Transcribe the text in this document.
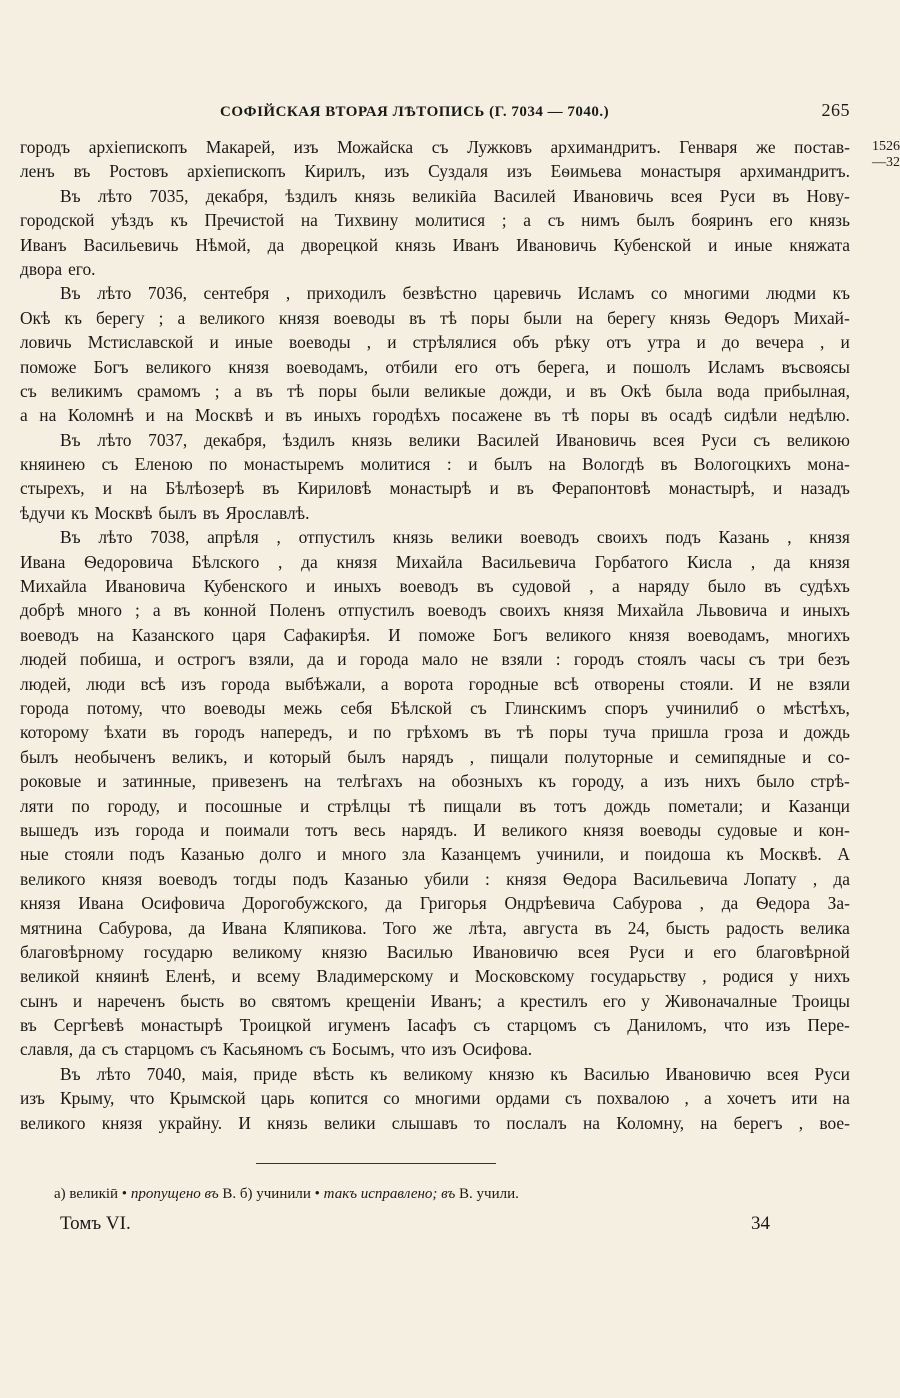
СОФІЙСКАЯ ВТОРАЯ ЛѢТОПИСЬ (Г. 7034 — 7040.)	265
1526
—32
городъ архіепископъ Макарей, изъ Можайска съ Лужковъ архимандритъ. Генваря же постав-
ленъ въ Ростовъ архіепископъ Кирилъ, изъ Суздаля изъ Еѳимьева монастыря архимандритъ.
Въ лѣто 7035, декабря, ѣздилъ князь великіӣа Василей Ивановичь всея Руси въ Нову-
городской уѣздъ къ Пречистой на Тихвину молитися ; а съ нимъ былъ бояринъ его князь
Иванъ Васильевичь Нѣмой, да дворецкой князь Иванъ Ивановичь Кубенской и иные княжата
двора его.
Въ лѣто 7036, сентебря , приходилъ безвѣстно царевичь Исламъ со многими людми къ
Окѣ къ берегу ; а великого князя воеводы въ тѣ поры были на берегу князь Ѳедоръ Михай-
ловичь Мстиславской и иные воеводы , и стрѣлялися объ рѣку отъ утра и до вечера , и
поможе Богъ великого князя воеводамъ, отбили его отъ берега, и пошолъ Исламъ въсвоясы
съ великимъ срамомъ ; а въ тѣ поры были великые дожди, и въ Окѣ была вода прибылная,
а на Коломнѣ и на Москвѣ и въ иныхъ городѣхъ посажене въ тѣ поры въ осадѣ сидѣли недѣлю.
Въ лѣто 7037, декабря, ѣздилъ князь велики Василей Ивановичь всея Руси съ великою
княинею съ Еленою по монастыремъ молитися : и былъ на Вологдѣ въ Вологоцкихъ мона-
стырехъ, и на Бѣлѣозерѣ въ Кириловѣ монастырѣ и въ Ферапонтовѣ монастырѣ, и назадъ
ѣдучи къ Москвѣ былъ въ Ярославлѣ.
Въ лѣто 7038, апрѣля , отпустилъ князь велики воеводъ своихъ подъ Казань , князя
Ивана Ѳедоровича Бѣлского , да князя Михайла Васильевича Горбатого Кисла , да князя
Михайла Ивановича Кубенского и иныхъ воеводъ въ судовой , а наряду было въ судѣхъ
добрѣ много ; а въ конной Поленъ отпустилъ воеводъ своихъ князя Михайла Львовича и иныхъ
воеводъ на Казанского царя Сафакирѣя. И поможе Богъ великого князя воеводамъ, многихъ
людей побиша, и острогъ взяли, да и города мало не взяли : городъ стоялъ часы съ три безъ
людей, люди всѣ изъ города выбѣжали, а ворота городные всѣ отворены стояли. И не взяли
города потому, что воеводы межь себя Бѣлской съ Глинскимъ споръ учинилиб о мѣстѣхъ,
которому ѣхати въ городъ напередъ, и по грѣхомъ въ тѣ поры туча пришла гроза и дождь
былъ необыченъ великъ, и который былъ нарядъ , пищали полуторные и семипядные и со-
роковые и затинные, привезенъ на телѣгахъ на обозныхъ къ городу, а изъ нихъ было стрѣ-
ляти по городу, и посошные и стрѣлцы тѣ пищали въ тотъ дождь пометали; и Казанци
вышедъ изъ города и поимали тотъ весь нарядъ. И великого князя воеводы судовые и кон-
ные стояли подъ Казанью долго и много зла Казанцемъ учинили, и поидоша къ Москвѣ. А
великого князя воеводъ тогды подъ Казанью убили : князя Ѳедора Васильевича Лопату , да
князя Ивана Осифовича Дорогобужского, да Григорья Ондрѣевича Сабурова , да Ѳедора За-
мятнина Сабурова, да Ивана Кляпикова. Того же лѣта, августа въ 24, бысть радость велика
благовѣрному государю великому князю Василью Ивановичю всея Руси и его благовѣрной
великой княинѣ Еленѣ, и всему Владимерскому и Московскому государьству , родися у нихъ
сынъ и нареченъ бысть во святомъ крещеніи Иванъ; а крестилъ его у Живоначалные Троицы
въ Сергѣевѣ монастырѣ Троицкой игуменъ Іасафъ съ старцомъ съ Даниломъ, что изъ Пере-
славля, да съ старцомъ съ Касьяномъ съ Босымъ, что изъ Осифова.
Въ лѣто 7040, маія, приде вѣсть къ великому князю къ Василью Ивановичю всея Руси
изъ Крыму, что Крымской царь копится со многими ордами съ похвалою , а хочетъ ити на
великого князя украйну. И князь велики слышавъ то послалъ на Коломну, на берегъ , вое-
а) великіӣ • пропущено въ В. б) учинили • такъ исправлено; въ В. учили.
Томъ VI.	34
